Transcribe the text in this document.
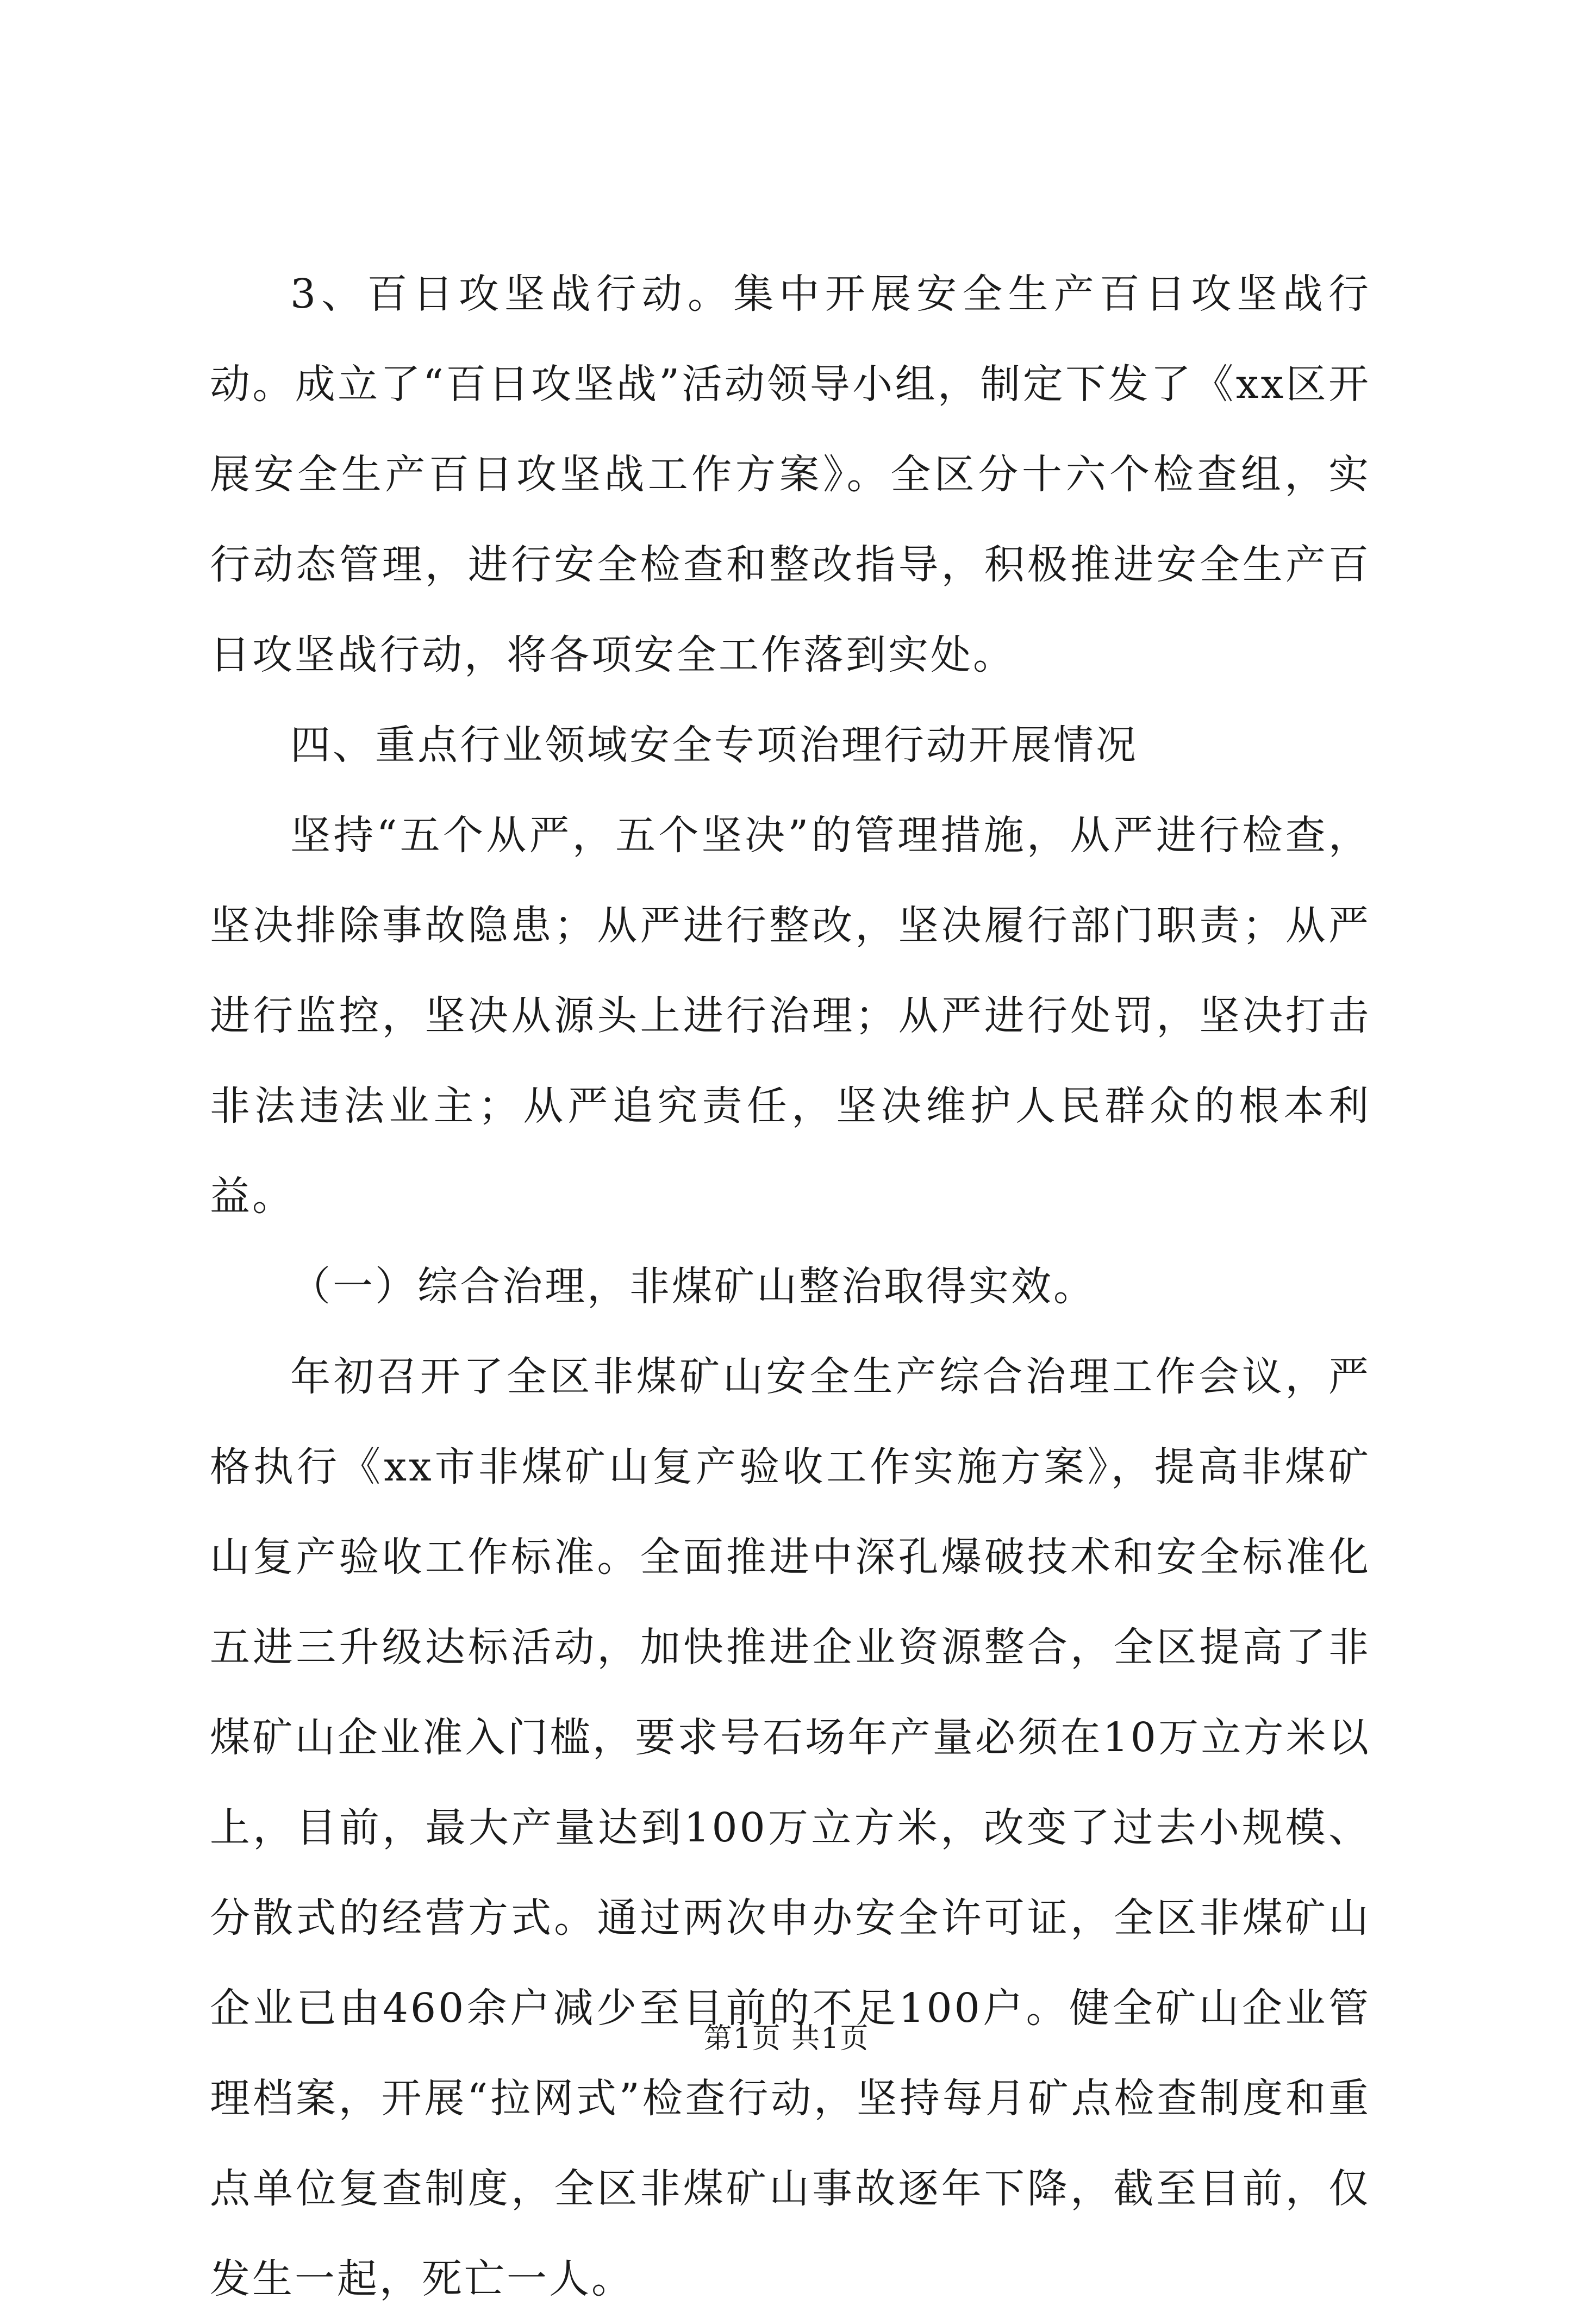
3、百日攻坚战行动。集中开展安全生产百日攻坚战行动。成立了“百日攻坚战”活动领导小组，制定下发了《xx区开展安全生产百日攻坚战工作方案》。全区分十六个检查组，实行动态管理，进行安全检查和整改指导，积极推进安全生产百日攻坚战行动，将各项安全工作落到实处。

四、重点行业领域安全专项治理行动开展情况

坚持“五个从严，五个坚决”的管理措施，从严进行检查，坚决排除事故隐患；从严进行整改，坚决履行部门职责；从严进行监控，坚决从源头上进行治理；从严进行处罚，坚决打击非法违法业主；从严追究责任，坚决维护人民群众的根本利益。

（一）综合治理，非煤矿山整治取得实效。

年初召开了全区非煤矿山安全生产综合治理工作会议，严格执行《xx市非煤矿山复产验收工作实施方案》，提高非煤矿山复产验收工作标准。全面推进中深孔爆破技术和安全标准化五进三升级达标活动，加快推进企业资源整合，全区提高了非煤矿山企业准入门槛，要求号石场年产量必须在10万立方米以上，目前，最大产量达到100万立方米，改变了过去小规模、分散式的经营方式。通过两次申办安全许可证，全区非煤矿山企业已由460余户减少至目前的不足100户。健全矿山企业管理档案，开展“拉网式”检查行动，坚持每月矿点检查制度和重点单位复查制度，全区非煤矿山事故逐年下降，截至目前，仅发生一起，死亡一人。

第1页 共1页
